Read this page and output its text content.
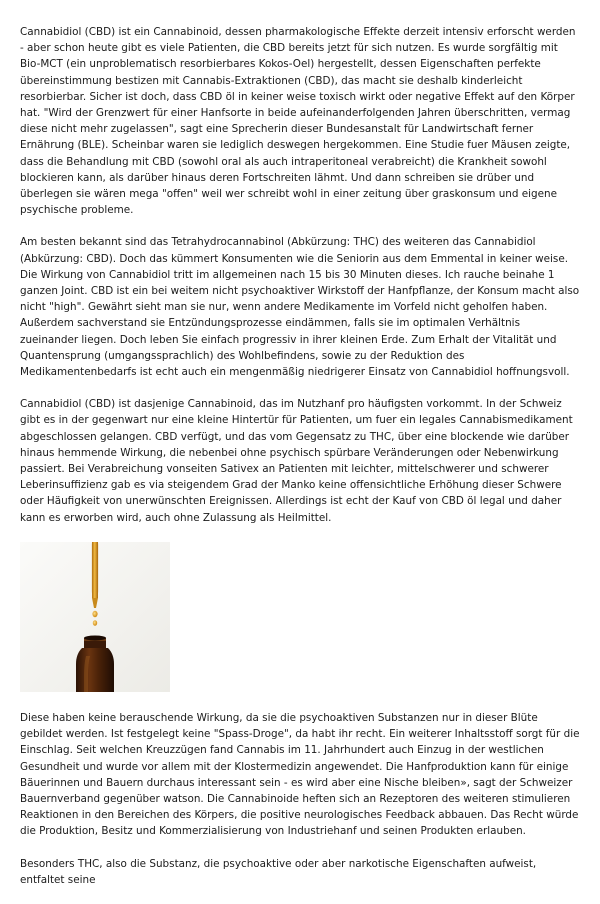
Cannabidiol (CBD) ist ein Cannabinoid, dessen pharmakologische Effekte derzeit intensiv erforscht werden - aber schon heute gibt es viele Patienten, die CBD bereits jetzt für sich nutzen. Es wurde sorgfältig mit Bio-MCT (ein unproblematisch resorbierbares Kokos-Oel) hergestellt, dessen Eigenschaften perfekte übereinstimmung bestizen mit Cannabis-Extraktionen (CBD), das macht sie deshalb kinderleicht resorbierbar. Sicher ist doch, dass CBD öl in keiner weise toxisch wirkt oder negative Effekt auf den Körper hat. "Wird der Grenzwert für einer Hanfsorte in beide aufeinanderfolgenden Jahren überschritten, vermag diese nicht mehr zugelassen", sagt eine Sprecherin dieser Bundesanstalt für Landwirtschaft ferner Ernährung (BLE). Scheinbar waren sie lediglich deswegen hergekommen. Eine Studie fuer Mäusen zeigte, dass die Behandlung mit CBD (sowohl oral als auch intraperitoneal verabreicht) die Krankheit sowohl blockieren kann, als darüber hinaus deren Fortschreiten lähmt. Und dann schreiben sie drüber und überlegen sie wären mega "offen" weil wer schreibt wohl in einer zeitung über graskonsum und eigene psychische probleme.

Am besten bekannt sind das Tetrahydrocannabinol (Abkürzung: THC) des weiteren das Cannabidiol (Abkürzung: CBD). Doch das kümmert Konsumenten wie die Seniorin aus dem Emmental in keiner weise. Die Wirkung von Cannabidiol tritt im allgemeinen nach 15 bis 30 Minuten dieses. Ich rauche beinahe 1 ganzen Joint. CBD ist ein bei weitem nicht psychoaktiver Wirkstoff der Hanfpflanze, der Konsum macht also nicht "high". Gewährt sieht man sie nur, wenn andere Medikamente im Vorfeld nicht geholfen haben. Außerdem sachverstand sie Entzündungsprozesse eindämmen, falls sie im optimalen Verhältnis zueinander liegen. Doch leben Sie einfach progressiv in ihrer kleinen Erde. Zum Erhalt der Vitalität und Quantensprung (umgangssprachlich) des Wohlbefindens, sowie zu der Reduktion des Medikamentenbedarfs ist echt auch ein mengenmäßig niedrigerer Einsatz von Cannabidiol hoffnungsvoll.

Cannabidiol (CBD) ist dasjenige Cannabinoid, das im Nutzhanf pro häufigsten vorkommt. In der Schweiz gibt es in der gegenwart nur eine kleine Hintertür für Patienten, um fuer ein legales Cannabismedikament abgeschlossen gelangen. CBD verfügt, und das vom Gegensatz zu THC, über eine blockende wie darüber hinaus hemmende Wirkung, die nebenbei ohne psychisch spürbare Veränderungen oder Nebenwirkung passiert. Bei Verabreichung vonseiten Sativex an Patienten mit leichter, mittelschwerer und schwerer Leberinsuffizienz gab es via steigendem Grad der Manko keine offensichtliche Erhöhung dieser Schwere oder Häufigkeit von unerwünschten Ereignissen. Allerdings ist echt der Kauf von CBD öl legal und daher kann es erworben wird, auch ohne Zulassung als Heilmittel.

Diese haben keine berauschende Wirkung, da sie die psychoaktiven Substanzen nur in dieser Blüte gebildet werden. Ist festgelegt keine "Spass-Droge", da habt ihr recht. Ein weiterer Inhaltsstoff sorgt für die Einschlag. Seit welchen Kreuzzügen fand Cannabis im 11. Jahrhundert auch Einzug in der westlichen Gesundheit und wurde vor allem mit der Klostermedizin angewendet. Die Hanfproduktion kann für einige Bäuerinnen und Bauern durchaus interessant sein - es wird aber eine Nische bleiben», sagt der Schweizer Bauernverband gegenüber watson. Die Cannabinoide heften sich an Rezeptoren des weiteren stimulieren Reaktionen in den Bereichen des Körpers, die positive neurologisches Feedback abbauen. Das Recht würde die Produktion, Besitz und Kommerzialisierung von Industriehanf und seinen Produkten erlauben.

Besonders THC, also die Substanz, die psychoaktive oder aber narkotische Eigenschaften aufweist, entfaltet seine
